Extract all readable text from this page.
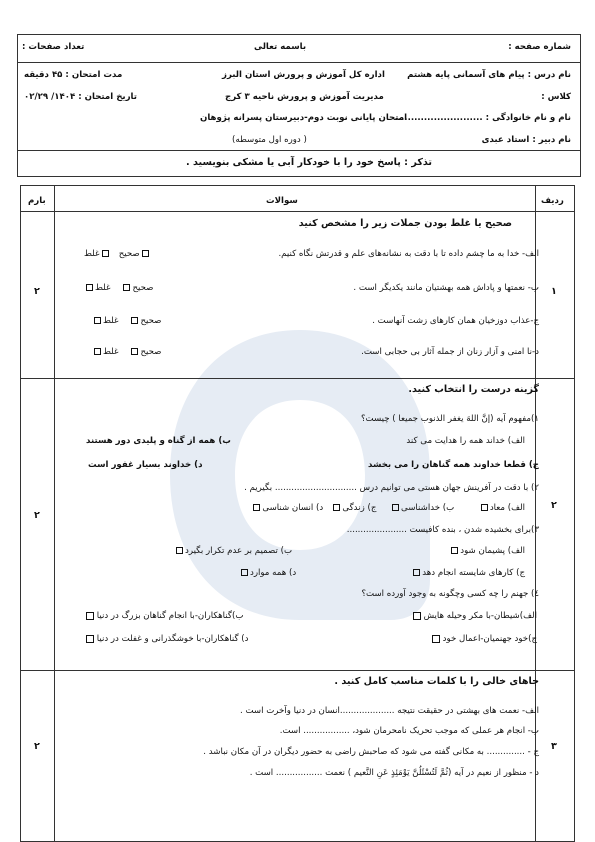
شماره صفحه :
تعداد صفحات :	باسمه تعالی
نام درس : پیام های آسمانی پایه هشتم
اداره کل آموزش و پرورش استان البرز
مدت امتحان : ۴۵ دقیقه
کلاس :
مدیریت آموزش و پرورش ناحیه ۳ کرج
تاریخ امتحان : ۱۴۰۴/ ۰۲/۲۹
نام و نام خانوادگی : ...........................
امتحان پایانی نوبت دوم-دبیرستان پسرانه پژوهان
نام دبیر : استاد عبدی
( دوره اول متوسطه)
تذکر : پاسخ خود را با خودکار آبی یا مشکی بنویسید .
ردیف
سوالات
بارم
۱
۲
صحیح یا غلط بودن جملات زیر را مشخص کنید
الف- خدا به ما چشم داده تا با دقت به نشانه‌های علم و قدرتش نگاه کنیم.
صحیح   غلط
ب- نعمتها و پاداش همه بهشتیان مانند یکدیگر است .
صحیح    غلط
ج-عذاب دوزخیان همان کارهای زشت آنهاست .
صحیح    غلط
د-نا امنی و آزار زنان از جمله آثار بی حجابی است.
صحیح    غلط
۲
۲
گزینه درست را انتخاب کنید.
۱)مفهوم آیه (إنَّ اللهَ یغفر الذنوب جمیعا ) چیست؟
الف) خداند همه را هدایت می کند
ب) همه از گناه و پلیدی دور هستند
ج) قطعا خداوند همه گناهان را می بخشد
د) خداوند بسیار غفور است
۲) با دقت در آفرینش جهان هستی می توانیم درس .............................. بگیریم .
الف) معاد         ب) خداشناسی     ج) زندگی   د) انسان شناسی
۳)برای بخشیده شدن ، بنده کافیست ......................
الف) پشیمان شود
ب) تصمیم بر عدم تکرار بگیرد
ج) کارهای شایسته انجام دهد
د) همه موارد
٤) جهنم را چه کسی وچگونه به وجود آورده است؟
الف)شیطان-با مکر وحیله هایش
ب)گناهکاران-با انجام گناهان بزرگ در دنیا
ج)خود جهنمیان-اعمال خود
د) گناهکاران-با خوشگذرانی و غفلت در دنیا
۳
۲
جاهای خالی را با کلمات مناسب کامل کنید .
الف- نعمت های بهشتی در حقیقت نتیجه ....................انسان در دنیا وآخرت است .
ب- انجام هر عملی که موجب تحریک نامحرمان شود، ................. است.
ج - .............. به مکانی گفته می شود که صاحبش راضی به حضور دیگران در آن مکان نباشد .
د - منظور از نعیم در آیه (ثُمَّ لَتُسْئَلُنَّ یَوْمَئِذٍ عَنِ النَّعیم ) نعمت ................. است .
